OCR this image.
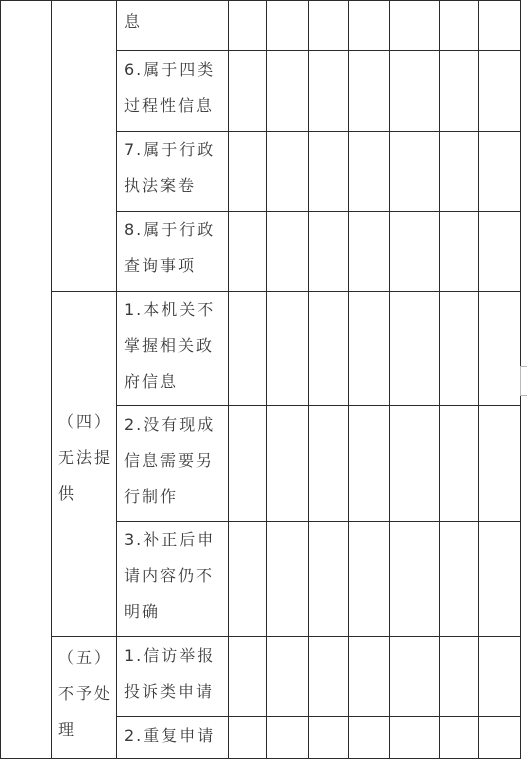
（四）
无法提
供
（五）
不予处
理
息
6.属于四类
过程性信息
7.属于行政
执法案卷
8.属于行政
查询事项
1.本机关不
掌握相关政
府信息
2.没有现成
信息需要另
行制作
3.补正后申
请内容仍不
明确
1.信访举报
投诉类申请
2.重复申请
